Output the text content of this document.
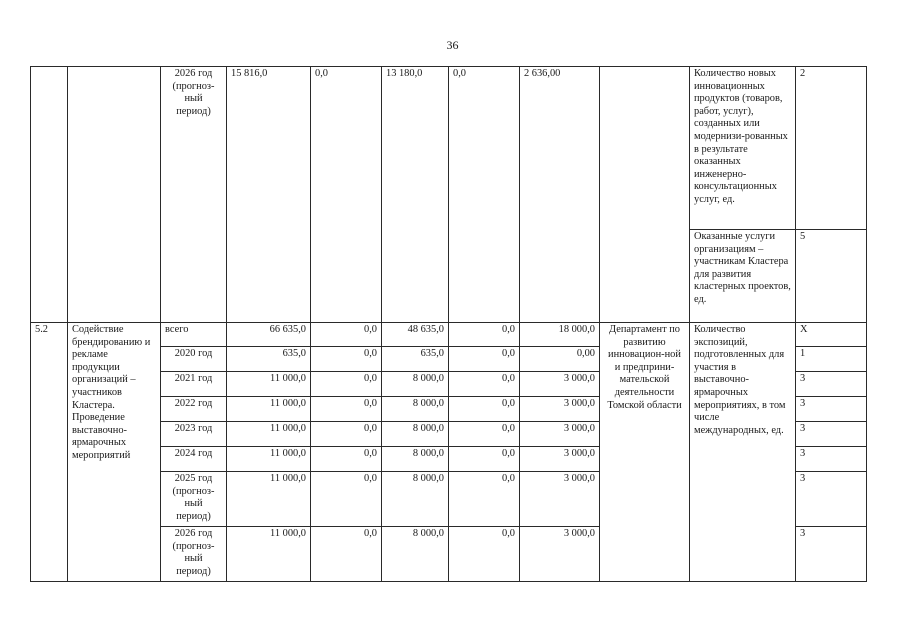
36
		2026 год (прогноз-
ный
период)	15 816,0	0,0	13 180,0	0,0	2 636,00		Количество новых инновационных продуктов (товаров, работ, услуг), созданных или модернизи-рованных в результате оказанных инженерно-консультационных услуг, ед.	2
									Оказанные услуги организациям – участникам Кластера для развития кластерных проектов, ед.	5
5.2	Содействие брендированию и рекламе продукции организаций – участников Кластера. Проведение выставочно-ярмарочных мероприятий	всего	66 635,0	0,0	48 635,0	0,0	18 000,0	Департамент по развитию инновацион-ной и предприни-мательской деятельности Томской области	Количество экспозиций, подготовленных для участия в выставочно-ярмарочных мероприятиях, в том числе международных, ед.	Х
		2020 год	635,0	0,0	635,0	0,0	0,00			1
		2021 год	11 000,0	0,0	8 000,0	0,0	3 000,0			3
		2022 год	11 000,0	0,0	8 000,0	0,0	3 000,0			3
		2023 год	11 000,0	0,0	8 000,0	0,0	3 000,0			3
		2024 год	11 000,0	0,0	8 000,0	0,0	3 000,0			3
		2025 год (прогноз-
ный
период)	11 000,0	0,0	8 000,0	0,0	3 000,0			3
		2026 год (прогноз-
ный
период)	11 000,0	0,0	8 000,0	0,0	3 000,0			3
